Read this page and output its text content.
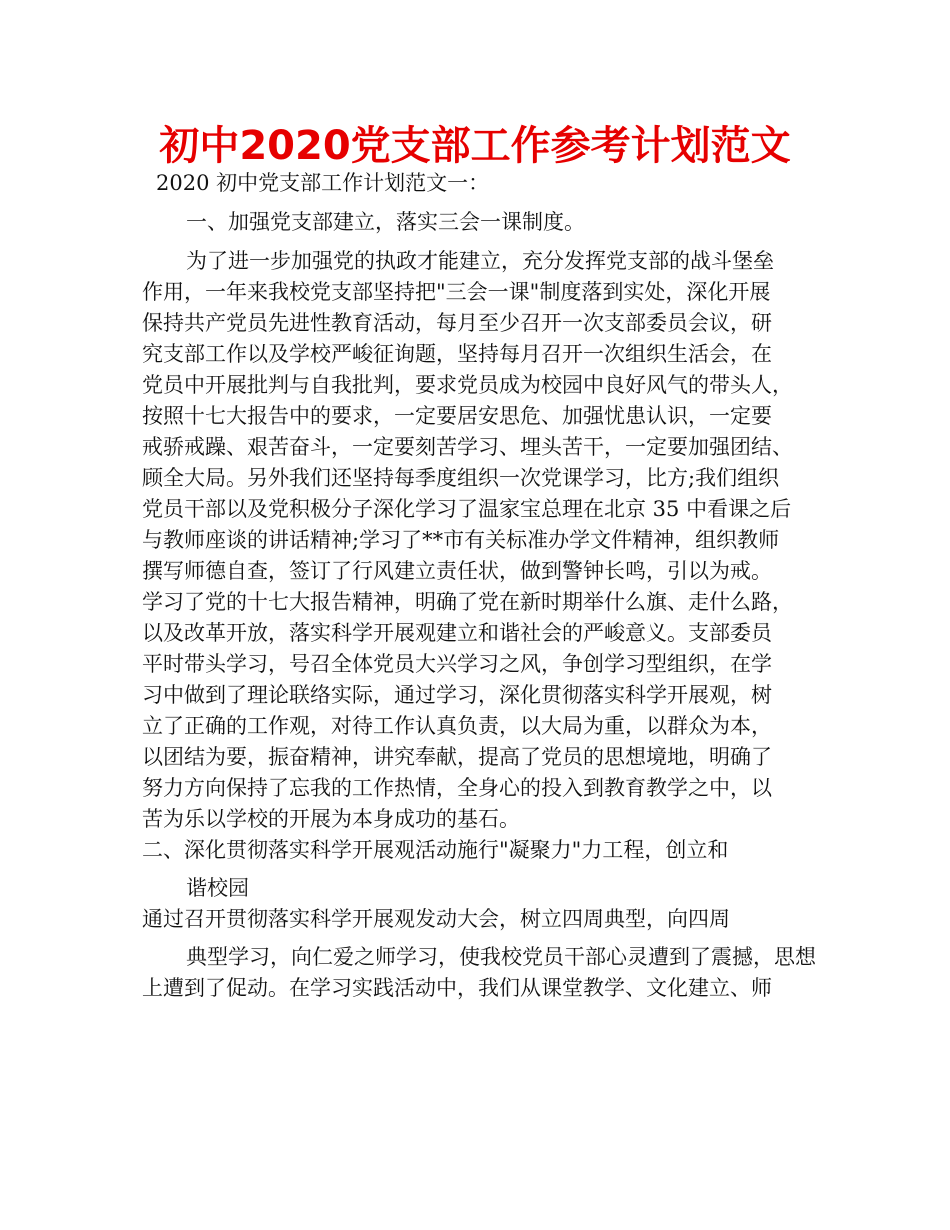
初中2020党支部工作参考计划范文

2020 初中党支部工作计划范文一：

一、加强党支部建立，落实三会一课制度。

为了进一步加强党的执政才能建立，充分发挥党支部的战斗堡垒

作用，一年来我校党支部坚持把"三会一课"制度落到实处，深化开展

保持共产党员先进性教育活动，每月至少召开一次支部委员会议，研

究支部工作以及学校严峻征询题，坚持每月召开一次组织生活会，在

党员中开展批判与自我批判，要求党员成为校园中良好风气的带头人，

按照十七大报告中的要求，一定要居安思危、加强忧患认识，一定要

戒骄戒躁、艰苦奋斗，一定要刻苦学习、埋头苦干，一定要加强团结、

顾全大局。另外我们还坚持每季度组织一次党课学习，比方;我们组织

党员干部以及党积极分子深化学习了温家宝总理在北京 35 中看课之后

与教师座谈的讲话精神;学习了**市有关标准办学文件精神，组织教师

撰写师德自查，签订了行风建立责任状，做到警钟长鸣，引以为戒。

学习了党的十七大报告精神，明确了党在新时期举什么旗、走什么路，

以及改革开放，落实科学开展观建立和谐社会的严峻意义。支部委员

平时带头学习，号召全体党员大兴学习之风，争创学习型组织，在学

习中做到了理论联络实际，通过学习，深化贯彻落实科学开展观，树

立了正确的工作观，对待工作认真负责，以大局为重，以群众为本，

以团结为要，振奋精神，讲究奉献，提高了党员的思想境地，明确了

努力方向保持了忘我的工作热情，全身心的投入到教育教学之中，以

苦为乐以学校的开展为本身成功的基石。

二、深化贯彻落实科学开展观活动施行"凝聚力"力工程，创立和

谐校园

通过召开贯彻落实科学开展观发动大会，树立四周典型，向四周

典型学习，向仁爱之师学习，使我校党员干部心灵遭到了震撼，思想

上遭到了促动。在学习实践活动中，我们从课堂教学、文化建立、师
